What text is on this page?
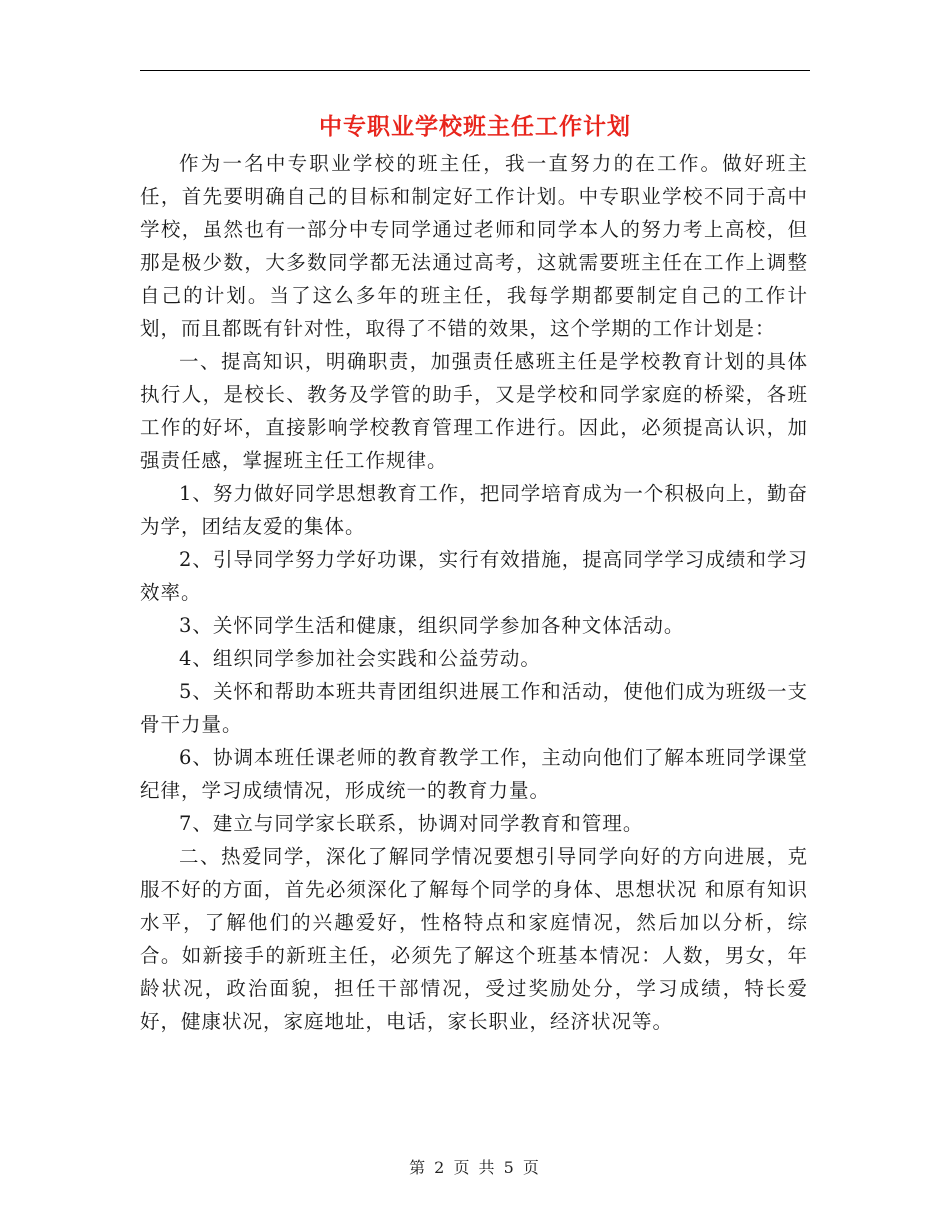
中专职业学校班主任工作计划

作为一名中专职业学校的班主任，我一直努力的在工作。做好班主任，首先要明确自己的目标和制定好工作计划。中专职业学校不同于高中学校，虽然也有一部分中专同学通过老师和同学本人的努力考上高校，但那是极少数，大多数同学都无法通过高考，这就需要班主任在工作上调整自己的计划。当了这么多年的班主任，我每学期都要制定自己的工作计划，而且都既有针对性，取得了不错的效果，这个学期的工作计划是：

一、提高知识，明确职责，加强责任感班主任是学校教育计划的具体执行人，是校长、教务及学管的助手，又是学校和同学家庭的桥梁，各班工作的好坏，直接影响学校教育管理工作进行。因此，必须提高认识，加强责任感，掌握班主任工作规律。

1、努力做好同学思想教育工作，把同学培育成为一个积极向上，勤奋为学，团结友爱的集体。

2、引导同学努力学好功课，实行有效措施，提高同学学习成绩和学习效率。

3、关怀同学生活和健康，组织同学参加各种文体活动。

4、组织同学参加社会实践和公益劳动。

5、关怀和帮助本班共青团组织进展工作和活动，使他们成为班级一支骨干力量。

6、协调本班任课老师的教育教学工作，主动向他们了解本班同学课堂纪律，学习成绩情况，形成统一的教育力量。

7、建立与同学家长联系，协调对同学教育和管理。

二、热爱同学，深化了解同学情况要想引导同学向好的方向进展，克服不好的方面，首先必须深化了解每个同学的身体、思想状况 和原有知识水平，了解他们的兴趣爱好，性格特点和家庭情况，然后加以分析，综合。如新接手的新班主任，必须先了解这个班基本情况：人数，男女，年龄状况，政治面貌，担任干部情况，受过奖励处分，学习成绩，特长爱好，健康状况，家庭地址，电话，家长职业，经济状况等。

第 2 页 共 5 页
